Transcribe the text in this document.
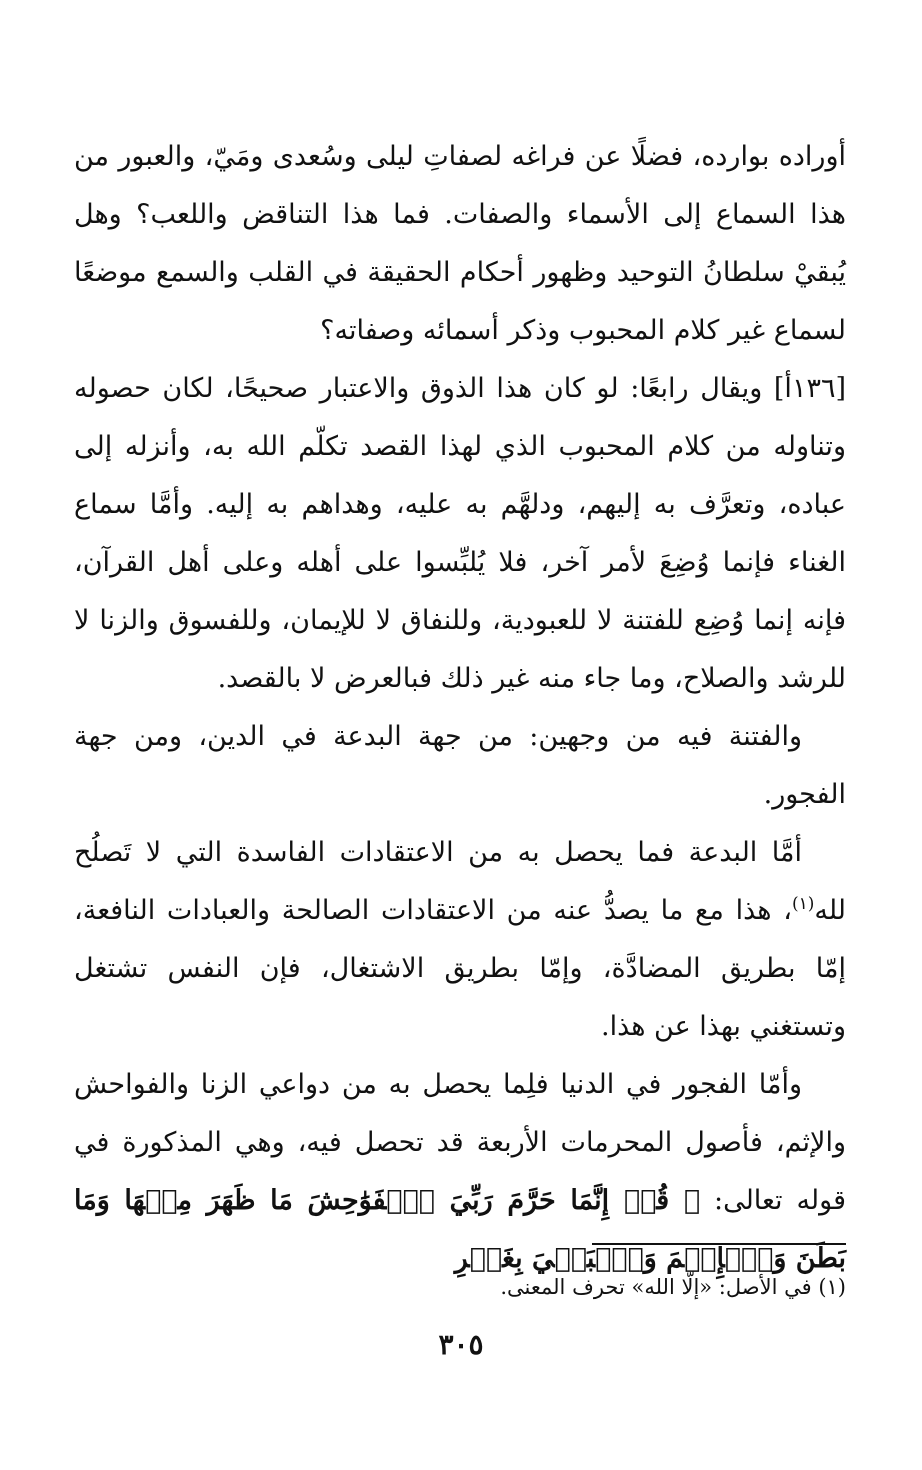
أوراده بوارده، فضلًا عن فراغه لصفاتِ ليلى وسُعدى ومَيّ، والعبور من هذا السماع إلى الأسماء والصفات. فما هذا التناقض واللعب؟ وهل يُبقيْ سلطانُ التوحيد وظهور أحكام الحقيقة في القلب والسمع موضعًا لسماع غير كلام المحبوب وذكر أسمائه وصفاته؟

[١٣٦أ] ويقال رابعًا: لو كان هذا الذوق والاعتبار صحيحًا، لكان حصوله وتناوله من كلام المحبوب الذي لهذا القصد تكلّم الله به، وأنزله إلى عباده، وتعرَّف به إليهم، ودلهَّم به عليه، وهداهم به إليه. وأمَّا سماع الغناء فإنما وُضِعَ لأمر آخر، فلا يُلبِّسوا على أهله وعلى أهل القرآن، فإنه إنما وُضِع للفتنة لا للعبودية، وللنفاق لا للإيمان، وللفسوق والزنا لا للرشد والصلاح، وما جاء منه غير ذلك فبالعرض لا بالقصد.

والفتنة فيه من وجهين: من جهة البدعة في الدين، ومن جهة الفجور.

أمَّا البدعة فما يحصل به من الاعتقادات الفاسدة التي لا تَصلُح لله$^{(١)}$، هذا مع ما يصدُّ عنه من الاعتقادات الصالحة والعبادات النافعة، إمّا بطريق المضادَّة، وإمّا بطريق الاشتغال، فإن النفس تشتغل وتستغني بهذا عن هذا.

وأمّا الفجور في الدنيا فلِما يحصل به من دواعي الزنا والفواحش والإثم، فأصول المحرمات الأربعة قد تحصل فيه، وهي المذكورة في قوله تعالى: ﴿ قُلۡ إِنَّمَا حَرَّمَ رَبِّيَ ٱلۡفَوَٰحِشَ مَا ظَهَرَ مِنۡهَا وَمَا بَطَنَ وَٱلۡإِثۡمَ وَٱلۡبَغۡيَ بِغَيۡرِ

(١) في الأصل: «إلّا الله» تحرف المعنى.
٣٠٥
